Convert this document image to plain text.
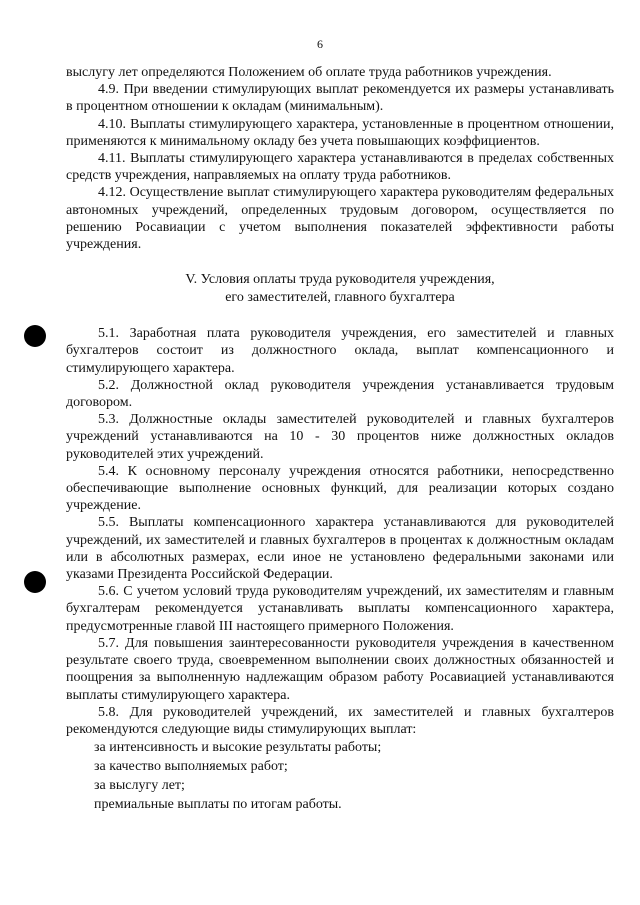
6

выслугу лет определяются Положением об оплате труда работников учреждения.

4.9. При введении стимулирующих выплат рекомендуется их размеры устанавливать в процентном отношении к окладам (минимальным).

4.10. Выплаты стимулирующего характера, установленные в процентном отношении, применяются к минимальному окладу без учета повышающих коэффициентов.

4.11. Выплаты стимулирующего характера устанавливаются в пределах собственных средств учреждения, направляемых на оплату труда работников.

4.12. Осуществление выплат стимулирующего характера руководителям федеральных автономных учреждений, определенных трудовым договором, осуществляется по решению Росавиации с учетом выполнения показателей эффективности работы учреждения.

V. Условия оплаты труда руководителя учреждения,
его заместителей, главного бухгалтера

5.1. Заработная плата руководителя учреждения, его заместителей и главных бухгалтеров состоит из должностного оклада, выплат компенсационного и стимулирующего характера.

5.2. Должностной оклад руководителя учреждения устанавливается трудовым договором.

5.3. Должностные оклады заместителей руководителей и главных бухгалтеров учреждений устанавливаются на 10 - 30 процентов ниже должностных окладов руководителей этих учреждений.

5.4. К основному персоналу учреждения относятся работники, непосредственно обеспечивающие выполнение основных функций, для реализации которых создано учреждение.

5.5. Выплаты компенсационного характера устанавливаются для руководителей учреждений, их заместителей и главных бухгалтеров в процентах к должностным окладам или в абсолютных размерах, если иное не установлено федеральными законами или указами Президента Российской Федерации.

5.6. С учетом условий труда руководителям учреждений, их заместителям и главным бухгалтерам рекомендуется устанавливать выплаты компенсационного характера, предусмотренные главой III настоящего примерного Положения.

5.7. Для повышения заинтересованности руководителя учреждения в качественном результате своего труда, своевременном выполнении своих должностных обязанностей и поощрения за выполненную надлежащим образом работу Росавиацией устанавливаются выплаты стимулирующего характера.

5.8. Для руководителей учреждений, их заместителей и главных бухгалтеров рекомендуются следующие виды стимулирующих выплат:

за интенсивность и высокие результаты работы;

за качество выполняемых работ;

за выслугу лет;

премиальные выплаты по итогам работы.
